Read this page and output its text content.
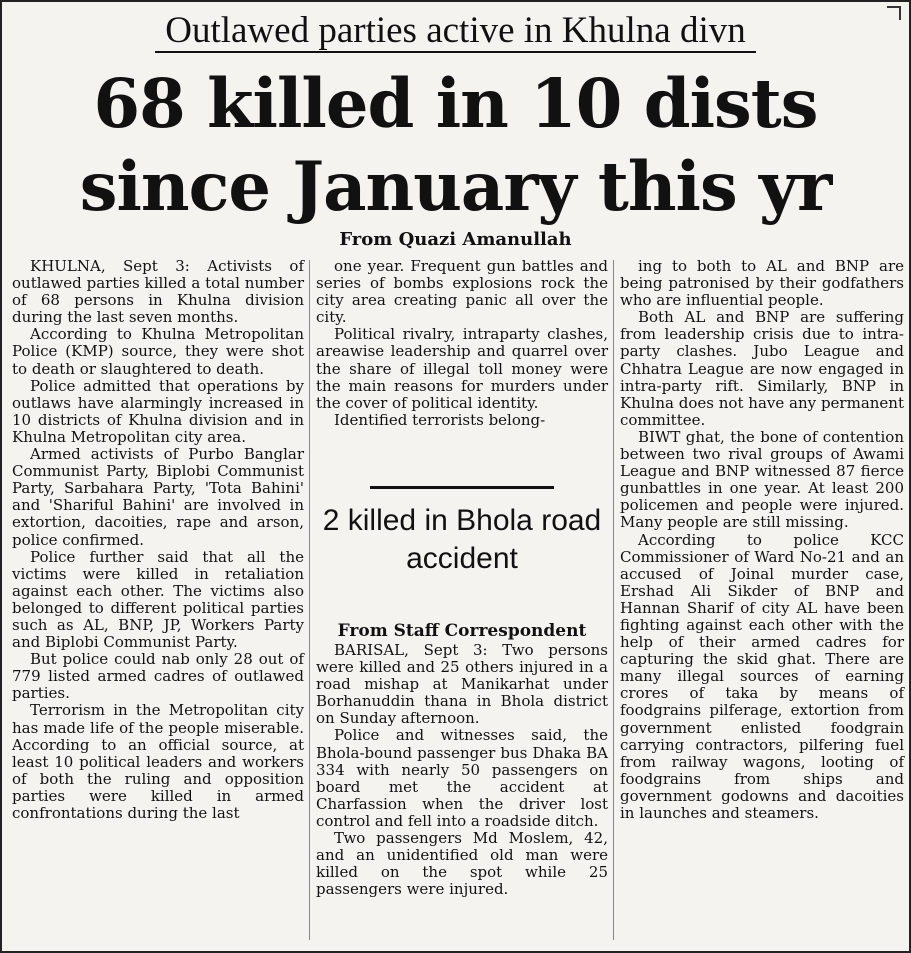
Outlawed parties active in Khulna divn
68 killed in 10 dists since January this yr
From Quazi Amanullah

KHULNA, Sept 3: Activists of outlawed parties killed a total number of 68 persons in Khulna division during the last seven months.

According to Khulna Metropolitan Police (KMP) source, they were shot to death or slaughtered to death.

Police admitted that operations by outlaws have alarmingly increased in 10 districts of Khulna division and in Khulna Metropolitan city area.

Armed activists of Purbo Banglar Communist Party, Biplobi Communist Party, Sarbahara Party, 'Tota Bahini' and 'Shariful Bahini' are involved in extortion, dacoities, rape and arson, police confirmed.

Police further said that all the victims were killed in retaliation against each other. The victims also belonged to different political parties such as AL, BNP, JP, Workers Party and Biplobi Communist Party.

But police could nab only 28 out of 779 listed armed cadres of outlawed parties.

Terrorism in the Metropolitan city has made life of the people miserable. According to an official source, at least 10 political leaders and workers of both the ruling and opposition parties were killed in armed confrontations during the last

one year. Frequent gun battles and series of bombs explosions rock the city area creating panic all over the city.

Political rivalry, intraparty clashes, areawise leadership and quarrel over the share of illegal toll money were the main reasons for murders under the cover of political identity.

Identified terrorists belong-

2 killed in Bhola road accident
From Staff Correspondent

BARISAL, Sept 3: Two persons were killed and 25 others injured in a road mishap at Manikarhat under Borhanuddin thana in Bhola district on Sunday afternoon.

Police and witnesses said, the Bhola-bound passenger bus Dhaka BA 334 with nearly 50 passengers on board met the accident at Charfassion when the driver lost control and fell into a roadside ditch.

Two passengers Md Moslem, 42, and an unidentified old man were killed on the spot while 25 passengers were injured.

ing to both to AL and BNP are being patronised by their godfathers who are influential people.

Both AL and BNP are suffering from leadership crisis due to intra-party clashes. Jubo League and Chhatra League are now engaged in intra-party rift. Similarly, BNP in Khulna does not have any permanent committee.

BIWT ghat, the bone of contention between two rival groups of Awami League and BNP witnessed 87 fierce gunbattles in one year. At least 200 policemen and people were injured. Many people are still missing.

According to police KCC Commissioner of Ward No-21 and an accused of Joinal murder case, Ershad Ali Sikder of BNP and Hannan Sharif of city AL have been fighting against each other with the help of their armed cadres for capturing the skid ghat. There are many illegal sources of earning crores of taka by means of foodgrains pilferage, extortion from government enlisted foodgrain carrying contractors, pilfering fuel from railway wagons, looting of foodgrains from ships and government godowns and dacoities in launches and steamers.
